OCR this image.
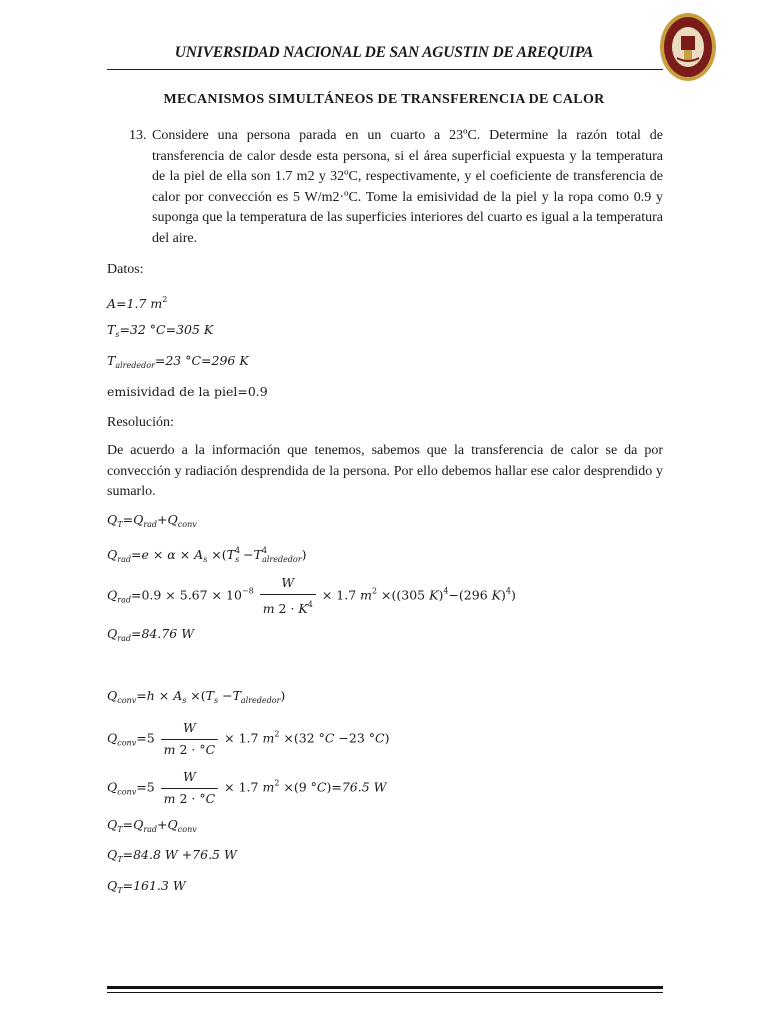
UNIVERSIDAD NACIONAL DE SAN AGUSTIN DE AREQUIPA
MECANISMOS SIMULTÁNEOS DE TRANSFERENCIA DE CALOR
13. Considere una persona parada en un cuarto a 23ºC. Determine la razón total de transferencia de calor desde esta persona, si el área superficial expuesta y la temperatura de la piel de ella son 1.7 m2 y 32ºC, respectivamente, y el coeficiente de transferencia de calor por convección es 5 W/m2·ºC. Tome la emisividad de la piel y la ropa como 0.9 y suponga que la temperatura de las superficies interiores del cuarto es igual a la temperatura del aire.
Datos:
A=1.7 $m^2$
$T_s=32$ °C=305 K
$T_{alrededor}=23$ °C=296 K
emisividad de la piel=0.9
Resolución:
De acuerdo a la información que tenemos, sabemos que la transferencia de calor se da por convección y radiación desprendida de la persona. Por ello debemos hallar ese calor desprendido y sumarlo.
$Q_T=Q_{rad}+Q_{conv}$
$Q_{rad}=e \times \alpha \times A_s \times(T^4_s -T^4_{alrededor})$
$Q_{rad}=0.9 \times 5.67 \times 10^{-8} \frac{W}{m 2 \cdot K^4} \times 1.7$ $m^2 \times((305$ K)$^4$−(296 K)$^4$)
$Q_{rad}=84.76$ W
$Q_{conv}=h \times A_s \times(T_s -T_{alrededor})$
$Q_{conv}=5 \frac{W}{m 2 \cdot ^\circ C} \times 1.7$ $m^2 \times(32$ °C −23 °C)
$Q_{conv}=5 \frac{W}{m 2 \cdot ^\circ C} \times 1.7$ $m^2 \times(9$ °C)=76.5 W
$Q_T=Q_{rad}+Q_{conv}$
$Q_T=84.8$ W +76.5 W
$Q_T=161.3$ W
